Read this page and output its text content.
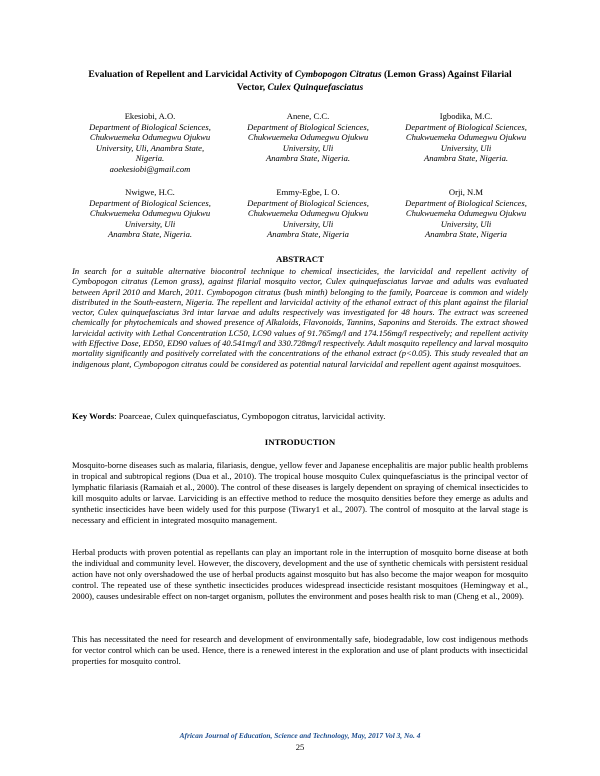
Evaluation of Repellent and Larvicidal Activity of Cymbopogon Citratus (Lemon Grass) Against Filarial
Vector, Culex Quinquefasciatus
Ekesiobi, A.O.
Department of Biological Sciences,
Chukwuemeka Odumegwu Ojukwu
University, Uli, Anambra State,
Nigeria.
aoekesiobi@gmail.com
Anene, C.C.
Department of Biological Sciences,
Chukwuemeka Odumegwu Ojukwu
University, Uli
Anambra State, Nigeria.
Igbodika, M.C.
Department of Biological Sciences,
Chukwuemeka Odumegwu Ojukwu
University, Uli
Anambra State, Nigeria.
Nwigwe, H.C.
Department of Biological Sciences,
Chukwuemeka Odumegwu Ojukwu
University, Uli
Anambra State, Nigeria.
Emmy-Egbe, I. O.
Department of Biological Sciences,
Chukwuemeka Odumegwu Ojukwu
University, Uli
Anambra State, Nigeria
Orji, N.M
Department of Biological Sciences,
Chukwuemeka Odumegwu Ojukwu
University, Uli
Anambra State, Nigeria
ABSTRACT
In search for a suitable alternative biocontrol technique to chemical insecticides, the larvicidal and repellent activity of Cymbopogon citratus (Lemon grass), against filarial mosquito vector, Culex quinquefasciatus larvae and adults was evaluated between April 2010 and March, 2011. Cymbopogon citratus (bush minth) belonging to the family, Poarceae is common and widely distributed in the South-eastern, Nigeria. The repellent and larvicidal activity of the ethanol extract of this plant against the filarial vector, Culex quinquefasciatus 3rd intar larvae and adults respectively was investigated for 48 hours. The extract was screened chemically for phytochemicals and showed presence of Alkaloids, Flavonoids, Tannins, Saponins and Steroids. The extract showed larvicidal activity with Lethal Concentration LC50, LC90 values of 91.765mg/l and 174.156mg/l respectively; and repellent activity with Effective Dose, ED50, ED90 values of 40.541mg/l and 330.728mg/l respectively. Adult mosquito repellency and larval mosquito mortality significantly and positively correlated with the concentrations of the ethanol extract (p<0.05). This study revealed that an indigenous plant, Cymbopogon citratus could be considered as potential natural larvicidal and repellent agent against mosquitoes.
Key Words: Poarceae, Culex quinquefasciatus, Cymbopogon citratus, larvicidal activity.
INTRODUCTION
Mosquito-borne diseases such as malaria, filariasis, dengue, yellow fever and Japanese encephalitis are major public health problems in tropical and subtropical regions (Dua et al., 2010). The tropical house mosquito Culex quinquefasciatus is the principal vector of lymphatic filariasis (Ramaiah et al., 2000). The control of these diseases is largely dependent on spraying of chemical insecticides to kill mosquito adults or larvae. Larviciding is an effective method to reduce the mosquito densities before they emerge as adults and synthetic insecticides have been widely used for this purpose (Tiwary1 et al., 2007). The control of mosquito at the larval stage is necessary and efficient in integrated mosquito management.
Herbal products with proven potential as repellants can play an important role in the interruption of mosquito borne disease at both the individual and community level. However, the discovery, development and the use of synthetic chemicals with persistent residual action have not only overshadowed the use of herbal products against mosquito but has also become the major weapon for mosquito control. The repeated use of these synthetic insecticides produces widespread insecticide resistant mosquitoes (Hemingway et al., 2000), causes undesirable effect on non-target organism, pollutes the environment and poses health risk to man (Cheng et al., 2009).
This has necessitated the need for research and development of environmentally safe, biodegradable, low cost indigenous methods for vector control which can be used. Hence, there is a renewed interest in the exploration and use of plant products with insecticidal properties for mosquito control.
African Journal of Education, Science and Technology, May, 2017 Vol 3, No. 4
25
